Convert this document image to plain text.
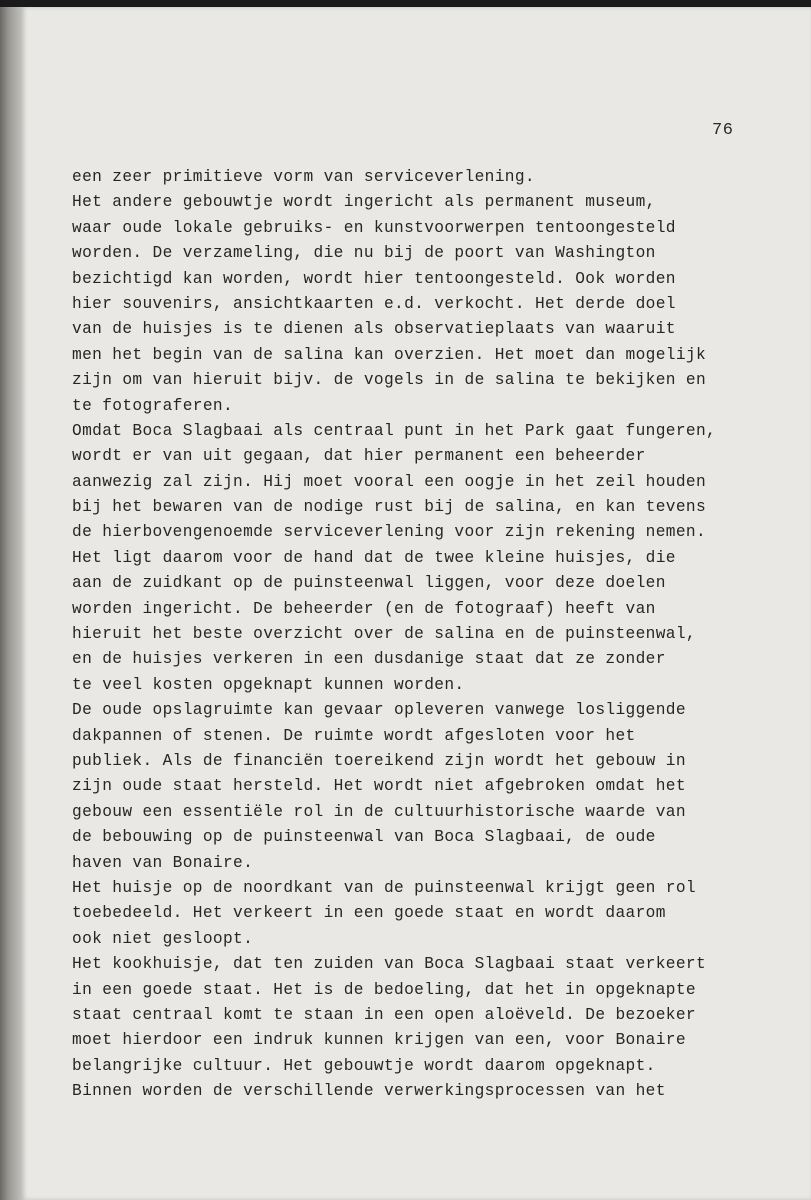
76
een zeer primitieve vorm van serviceverlening.
Het andere gebouwtje wordt ingericht als permanent museum,
waar oude lokale gebruiks- en kunstvoorwerpen tentoongesteld
worden. De verzameling, die nu bij de poort van Washington
bezichtigd kan worden, wordt hier tentoongesteld. Ook worden
hier souvenirs, ansichtkaarten e.d. verkocht. Het derde doel
van de huisjes is te dienen als observatieplaats van waaruit
men het begin van de salina kan overzien. Het moet dan mogelijk
zijn om van hieruit bijv. de vogels in de salina te bekijken en
te fotograferen.
Omdat Boca Slagbaai als centraal punt in het Park gaat fungeren,
wordt er van uit gegaan, dat hier permanent een beheerder
aanwezig zal zijn. Hij moet vooral een oogje in het zeil houden
bij het bewaren van de nodige rust bij de salina, en kan tevens
de hierbovengenoemde serviceverlening voor zijn rekening nemen.
Het ligt daarom voor de hand dat de twee kleine huisjes, die
aan de zuidkant op de puinsteenwal liggen, voor deze doelen
worden ingericht. De beheerder (en de fotograaf) heeft van
hieruit het beste overzicht over de salina en de puinsteenwal,
en de huisjes verkeren in een dusdanige staat dat ze zonder
te veel kosten opgeknapt kunnen worden.
De oude opslagruimte kan gevaar opleveren vanwege losliggende
dakpannen of stenen. De ruimte wordt afgesloten voor het
publiek. Als de financiën toereikend zijn wordt het gebouw in
zijn oude staat hersteld. Het wordt niet afgebroken omdat het
gebouw een essentiële rol in de cultuurhistorische waarde van
de bebouwing op de puinsteenwal van Boca Slagbaai, de oude
haven van Bonaire.
Het huisje op de noordkant van de puinsteenwal krijgt geen rol
toebedeeld. Het verkeert in een goede staat en wordt daarom
ook niet gesloopt.
Het kookhuisje, dat ten zuiden van Boca Slagbaai staat verkeert
in een goede staat. Het is de bedoeling, dat het in opgeknapte
staat centraal komt te staan in een open aloëveld. De bezoeker
moet hierdoor een indruk kunnen krijgen van een, voor Bonaire
belangrijke cultuur. Het gebouwtje wordt daarom opgeknapt.
Binnen worden de verschillende verwerkingsprocessen van het
